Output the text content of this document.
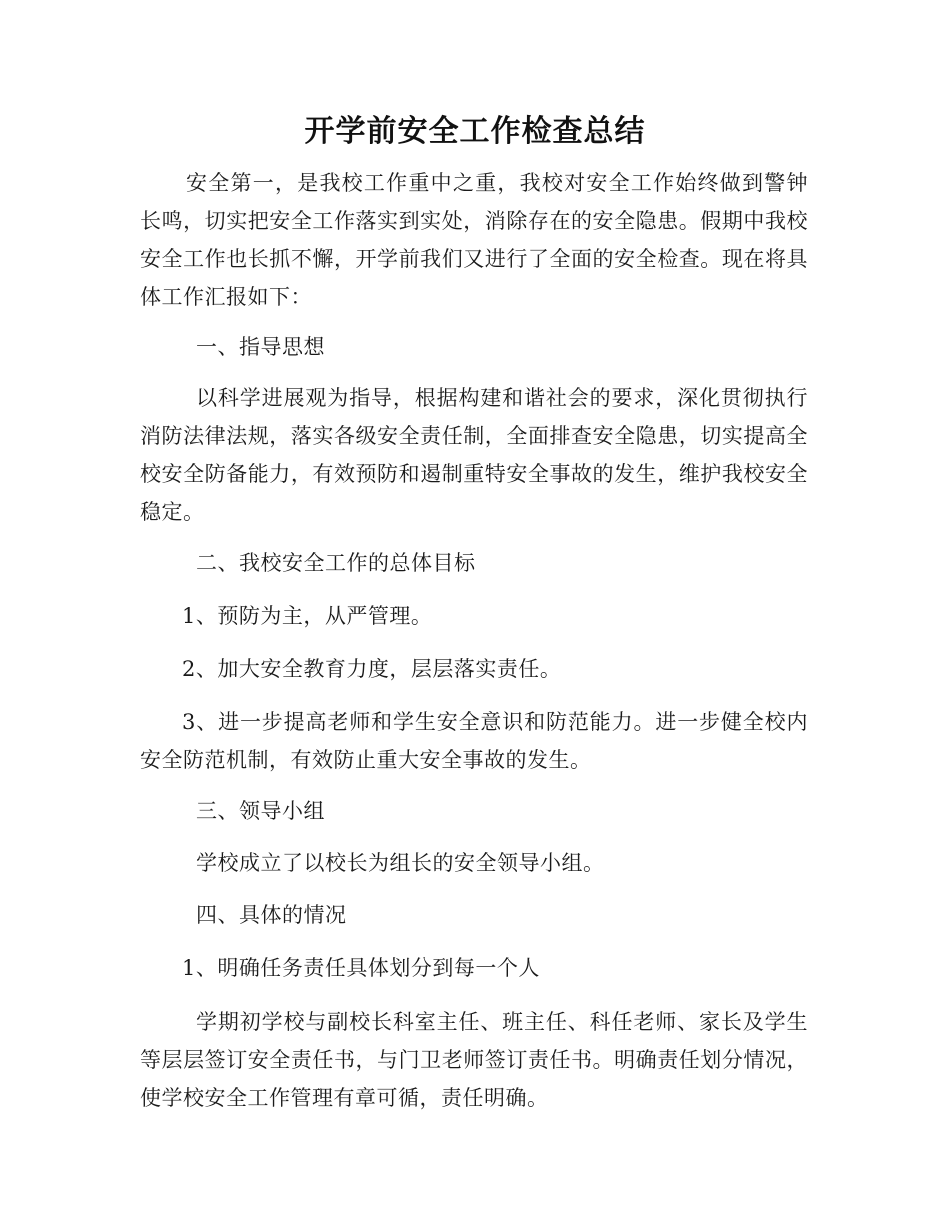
开学前安全工作检查总结

安全第一，是我校工作重中之重，我校对安全工作始终做到警钟长鸣，切实把安全工作落实到实处，消除存在的安全隐患。假期中我校安全工作也长抓不懈，开学前我们又进行了全面的安全检查。现在将具体工作汇报如下：

一、指导思想

以科学进展观为指导，根据构建和谐社会的要求，深化贯彻执行消防法律法规，落实各级安全责任制，全面排查安全隐患，切实提高全校安全防备能力，有效预防和遏制重特安全事故的发生，维护我校安全稳定。

二、我校安全工作的总体目标

1、预防为主，从严管理。

2、加大安全教育力度，层层落实责任。

3、进一步提高老师和学生安全意识和防范能力。进一步健全校内安全防范机制，有效防止重大安全事故的发生。

三、领导小组

学校成立了以校长为组长的安全领导小组。

四、具体的情况

1、明确任务责任具体划分到每一个人

学期初学校与副校长科室主任、班主任、科任老师、家长及学生等层层签订安全责任书，与门卫老师签订责任书。明确责任划分情况，使学校安全工作管理有章可循，责任明确。
